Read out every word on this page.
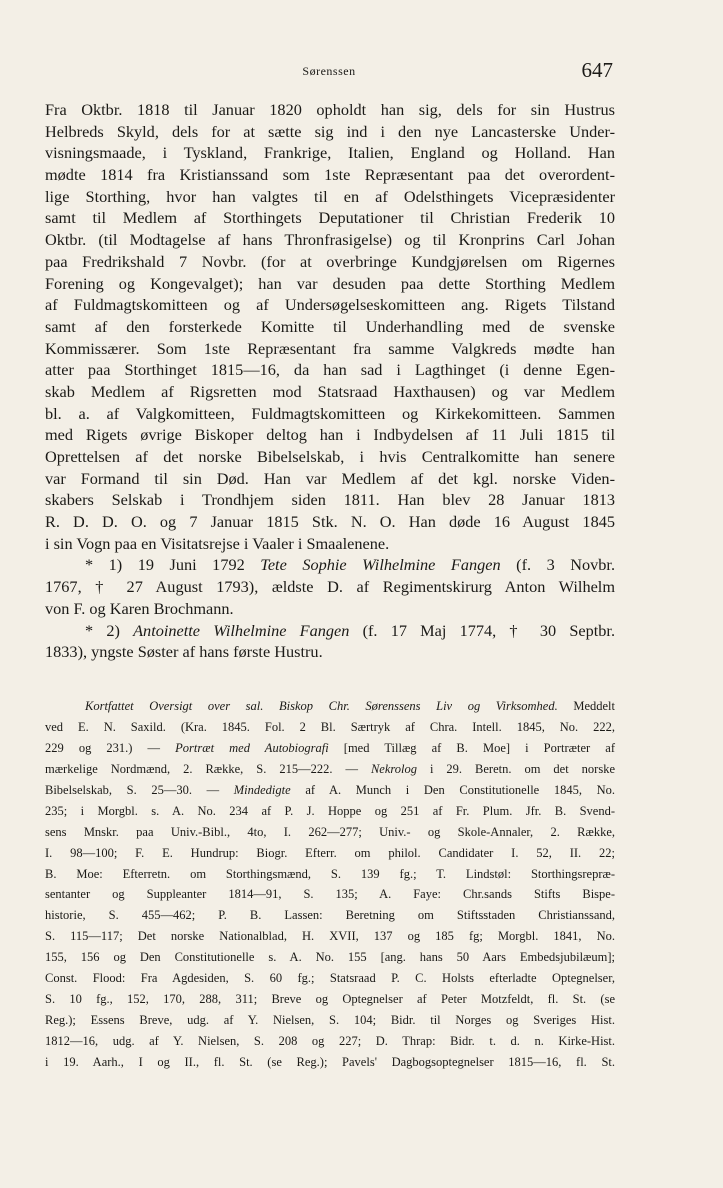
Sørenssen	647
Fra Oktbr. 1818 til Januar 1820 opholdt han sig, dels for sin Hustrus
Helbreds Skyld, dels for at sætte sig ind i den nye Lancasterske Under-
visningsmaade, i Tyskland, Frankrige, Italien, England og Holland. Han
mødte 1814 fra Kristianssand som 1ste Repræsentant paa det overordent-
lige Storthing, hvor han valgtes til en af Odelsthingets Vicepræsidenter
samt til Medlem af Storthingets Deputationer til Christian Frederik 10
Oktbr. (til Modtagelse af hans Thronfrasigelse) og til Kronprins Carl Johan
paa Fredrikshald 7 Novbr. (for at overbringe Kundgjørelsen om Rigernes
Forening og Kongevalget); han var desuden paa dette Storthing Medlem
af Fuldmagtskomitteen og af Undersøgelseskomitteen ang. Rigets Tilstand
samt af den forsterkede Komitte til Underhandling med de svenske
Kommissærer. Som 1ste Repræsentant fra samme Valgkreds mødte han
atter paa Storthinget 1815—16, da han sad i Lagthinget (i denne Egen-
skab Medlem af Rigsretten mod Statsraad Haxthausen) og var Medlem
bl. a. af Valgkomitteen, Fuldmagtskomitteen og Kirkekomitteen. Sammen
med Rigets øvrige Biskoper deltog han i Indbydelsen af 11 Juli 1815 til
Oprettelsen af det norske Bibelselskab, i hvis Centralkomitte han senere
var Formand til sin Død. Han var Medlem af det kgl. norske Viden-
skabers Selskab i Trondhjem siden 1811. Han blev 28 Januar 1813
R. D. D. O. og 7 Januar 1815 Stk. N. O. Han døde 16 August 1845
i sin Vogn paa en Visitatsrejse i Vaaler i Smaalenene.
* 1) 19 Juni 1792 Tete Sophie Wilhelmine Fangen (f. 3 Novbr.
1767, † 27 August 1793), ældste D. af Regimentskirurg Anton Wilhelm
von F. og Karen Brochmann.
* 2) Antoinette Wilhelmine Fangen (f. 17 Maj 1774, † 30 Septbr.
1833), yngste Søster af hans første Hustru.
Kortfattet Oversigt over sal. Biskop Chr. Sørenssens Liv og Virksomhed. Meddelt
ved E. N. Saxild. (Kra. 1845. Fol. 2 Bl. Særtryk af Chra. Intell. 1845, No. 222,
229 og 231.) — Portræt med Autobiografi [med Tillæg af B. Moe] i Portræter af
mærkelige Nordmænd, 2. Række, S. 215—222. — Nekrolog i 29. Beretn. om det norske
Bibelselskab, S. 25—30. — Mindedigte af A. Munch i Den Constitutionelle 1845, No.
235; i Morgbl. s. A. No. 234 af P. J. Hoppe og 251 af Fr. Plum. Jfr. B. Svend-
sens Mnskr. paa Univ.-Bibl., 4to, I. 262—277; Univ.- og Skole-Annaler, 2. Række,
I. 98—100; F. E. Hundrup: Biogr. Efterr. om philol. Candidater I. 52, II. 22;
B. Moe: Efterretn. om Storthingsmænd, S. 139 fg.; T. Lindstøl: Storthingsrepræ-
sentanter og Suppleanter 1814—91, S. 135; A. Faye: Chr.sands Stifts Bispe-
historie, S. 455—462; P. B. Lassen: Beretning om Stiftsstaden Christianssand,
S. 115—117; Det norske Nationalblad, H. XVII, 137 og 185 fg; Morgbl. 1841, No.
155, 156 og Den Constitutionelle s. A. No. 155 [ang. hans 50 Aars Embedsjubilæum];
Const. Flood: Fra Agdesiden, S. 60 fg.; Statsraad P. C. Holsts efterladte Optegnelser,
S. 10 fg., 152, 170, 288, 311; Breve og Optegnelser af Peter Motzfeldt, fl. St. (se
Reg.); Essens Breve, udg. af Y. Nielsen, S. 104; Bidr. til Norges og Sveriges Hist.
1812—16, udg. af Y. Nielsen, S. 208 og 227; D. Thrap: Bidr. t. d. n. Kirke-Hist.
i 19. Aarh., I og II., fl. St. (se Reg.); Pavels' Dagbogsoptegnelser 1815—16, fl. St.
